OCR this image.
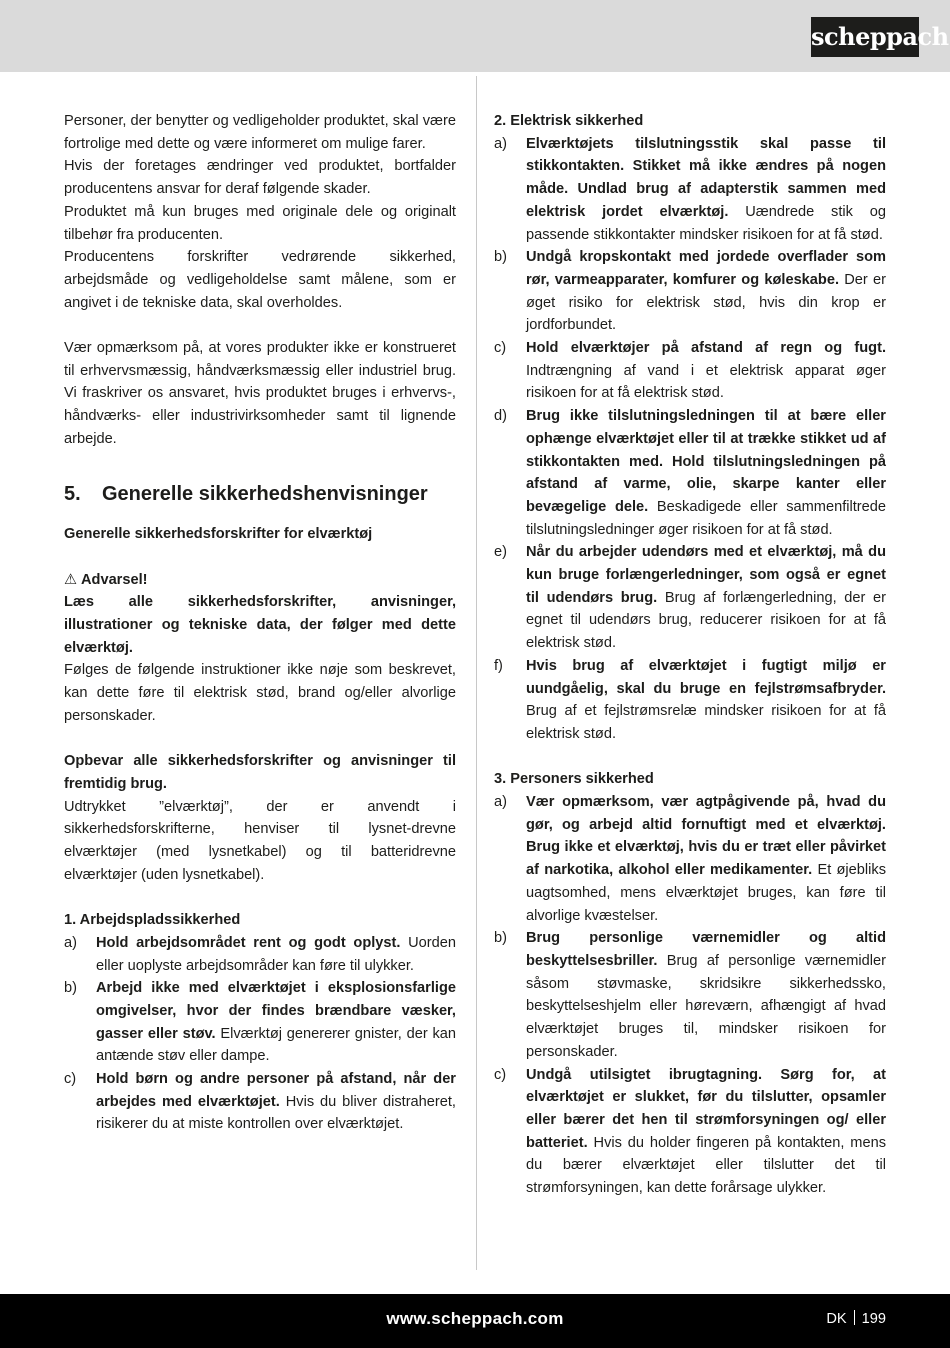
scheppach

Personer, der benytter og vedligeholder produktet, skal være fortrolige med dette og være informeret om mulige farer.

Hvis der foretages ændringer ved produktet, bortfalder producentens ansvar for deraf følgende skader.

Produktet må kun bruges med originale dele og originalt tilbehør fra producenten.

Producentens forskrifter vedrørende sikkerhed, arbejdsmåde og vedligeholdelse samt målene, som er angivet i de tekniske data, skal overholdes.

Vær opmærksom på, at vores produkter ikke er konstrueret til erhvervsmæssig, håndværksmæssig eller industriel brug. Vi fraskriver os ansvaret, hvis produktet bruges i erhvervs-, håndværks- eller industrivirksomheder samt til lignende arbejde.

5.	Generelle sikkerhedshenvisninger

Generelle sikkerhedsforskrifter for elværktøj

⚠ Advarsel!

Læs alle sikkerhedsforskrifter, anvisninger, illustrationer og tekniske data, der følger med dette elværktøj.

Følges de følgende instruktioner ikke nøje som beskrevet, kan dette føre til elektrisk stød, brand og/eller alvorlige personskader.

Opbevar alle sikkerhedsforskrifter og anvisninger til fremtidig brug.

Udtrykket ”elværktøj”, der er anvendt i sikkerhedsforskrifterne, henviser til lysnet-drevne elværktøjer (med lysnetkabel) og til batteridrevne elværktøjer (uden lysnetkabel).

1. Arbejdspladssikkerhed

a)	Hold arbejdsområdet rent og godt oplyst. Uorden eller uoplyste arbejdsområder kan føre til ulykker.
b)	Arbejd ikke med elværktøjet i eksplosionsfarlige omgivelser, hvor der findes brændbare væsker, gasser eller støv. Elværktøj genererer gnister, der kan antænde støv eller dampe.
c)	Hold børn og andre personer på afstand, når der arbejdes med elværktøjet. Hvis du bliver distraheret, risikerer du at miste kontrollen over elværktøjet.

2. Elektrisk sikkerhed

a)	Elværktøjets tilslutningsstik skal passe til stikkontakten. Stikket må ikke ændres på nogen måde. Undlad brug af adapterstik sammen med elektrisk jordet elværktøj. Uændrede stik og passende stikkontakter mindsker risikoen for at få stød.
b)	Undgå kropskontakt med jordede overflader som rør, varmeapparater, komfurer og køleskabe. Der er øget risiko for elektrisk stød, hvis din krop er jordforbundet.
c)	Hold elværktøjer på afstand af regn og fugt. Indtrængning af vand i et elektrisk apparat øger risikoen for at få elektrisk stød.
d)	Brug ikke tilslutningsledningen til at bære eller ophænge elværktøjet eller til at trække stikket ud af stikkontakten med. Hold tilslutningsledningen på afstand af varme, olie, skarpe kanter eller bevægelige dele. Beskadigede eller sammenfiltrede tilslutningsledninger øger risikoen for at få stød.
e)	Når du arbejder udendørs med et elværktøj, må du kun bruge forlængerledninger, som også er egnet til udendørs brug. Brug af forlængerledning, der er egnet til udendørs brug, reducerer risikoen for at få elektrisk stød.
f)	Hvis brug af elværktøjet i fugtigt miljø er uundgåelig, skal du bruge en fejlstrømsafbryder. Brug af et fejlstrømsrelæ mindsker risikoen for at få elektrisk stød.

3. Personers sikkerhed

a)	Vær opmærksom, vær agtpågivende på, hvad du gør, og arbejd altid fornuftigt med et elværktøj. Brug ikke et elværktøj, hvis du er træt eller påvirket af narkotika, alkohol eller medikamenter. Et øjebliks uagtsomhed, mens elværktøjet bruges, kan føre til alvorlige kvæstelser.
b)	Brug personlige værnemidler og altid beskyttelsesbriller. Brug af personlige værnemidler såsom støvmaske, skridsikre sikkerhedssko, beskyttelseshjelm eller høreværn, afhængigt af hvad elværktøjet bruges til, mindsker risikoen for personskader.
c)	Undgå utilsigtet ibrugtagning. Sørg for, at elværktøjet er slukket, før du tilslutter, opsamler eller bærer det hen til strømforsyningen og/ eller batteriet. Hvis du holder fingeren på kontakten, mens du bærer elværktøjet eller tilslutter det til strømforsyningen, kan dette forårsage ulykker.
www.scheppach.com	DK 199
